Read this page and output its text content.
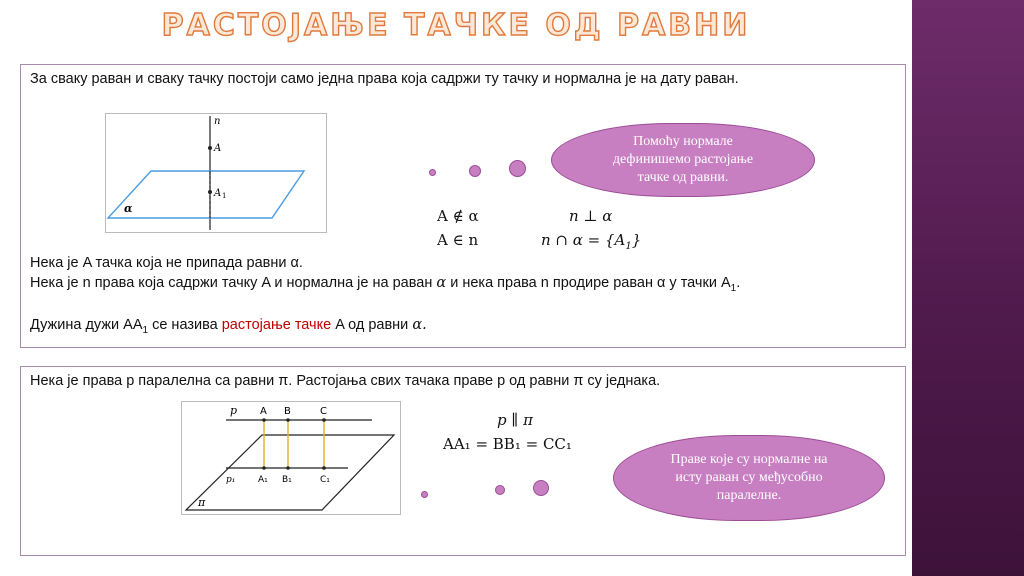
РАСТОЈАЊЕ ТАЧКЕ ОД РАВНИ
За сваку раван и сваку тачку постоји само једна права која садржи ту тачку и нормална је на дату раван.
n
A
A 1
α
Помоћу нормале дефинишемо растојање тачке од равни.
A ∉ α	n ⊥ α
A ∈ n	n ∩ $\alpha = \{A_1\}$
Нека је A тачка која не припада равни α.
Нека је n права која садржи тачку A и нормална је на раван α и нека права n продире раван α у тачки $A_1$.
Дужина дужи $AA_1$ се назива растојање тачке A од равни α.
Нека је права p паралелна са равни π. Растојања свих тачака праве p од равни π су једнака.
p A B	C
p₁	A₁ B₁	C₁
π
p ∥ π
AA₁ = BB₁ = CC₁
Праве које су нормалне на исту раван су међусобно паралелне.
